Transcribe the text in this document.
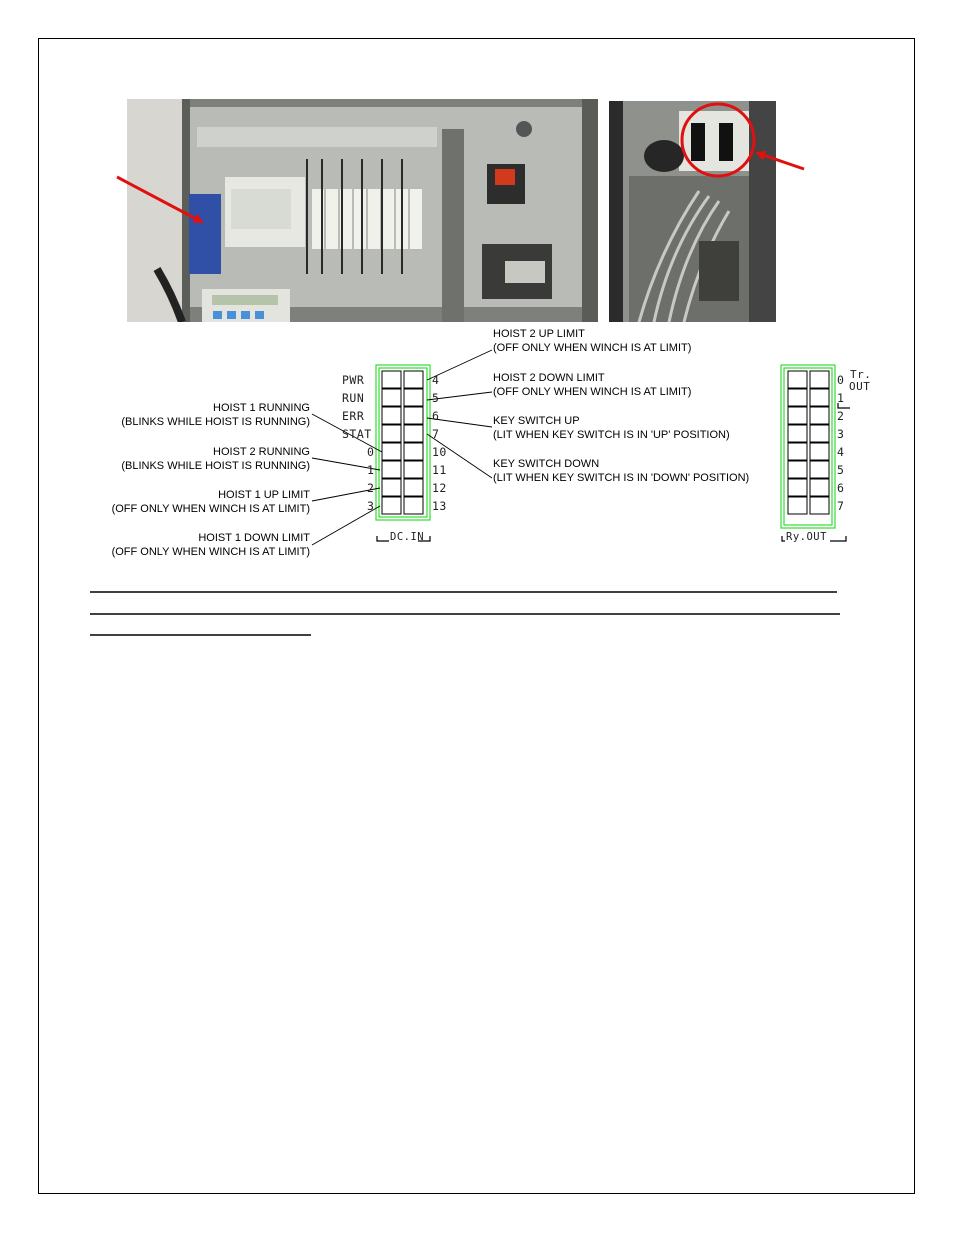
PWR
RUN
ERR
STAT
0
1
2
3
4
5
6
7
10
11
12
13
DC.IN
0
1
2
3
4
5
6
7
Tr.
OUT
Ry.OUT
HOIST 2 UP LIMIT
(OFF ONLY WHEN WINCH IS AT LIMIT)
HOIST 2 DOWN LIMIT
(OFF ONLY WHEN WINCH IS AT LIMIT)
KEY SWITCH UP
(LIT WHEN KEY SWITCH IS IN 'UP' POSITION)
KEY SWITCH DOWN
(LIT WHEN KEY SWITCH IS IN 'DOWN' POSITION)
HOIST 1 RUNNING
(BLINKS WHILE HOIST IS RUNNING)
HOIST 2 RUNNING
(BLINKS WHILE HOIST IS RUNNING)
HOIST 1 UP LIMIT
(OFF ONLY WHEN WINCH IS AT LIMIT)
HOIST 1 DOWN LIMIT
(OFF ONLY WHEN WINCH IS AT LIMIT)
